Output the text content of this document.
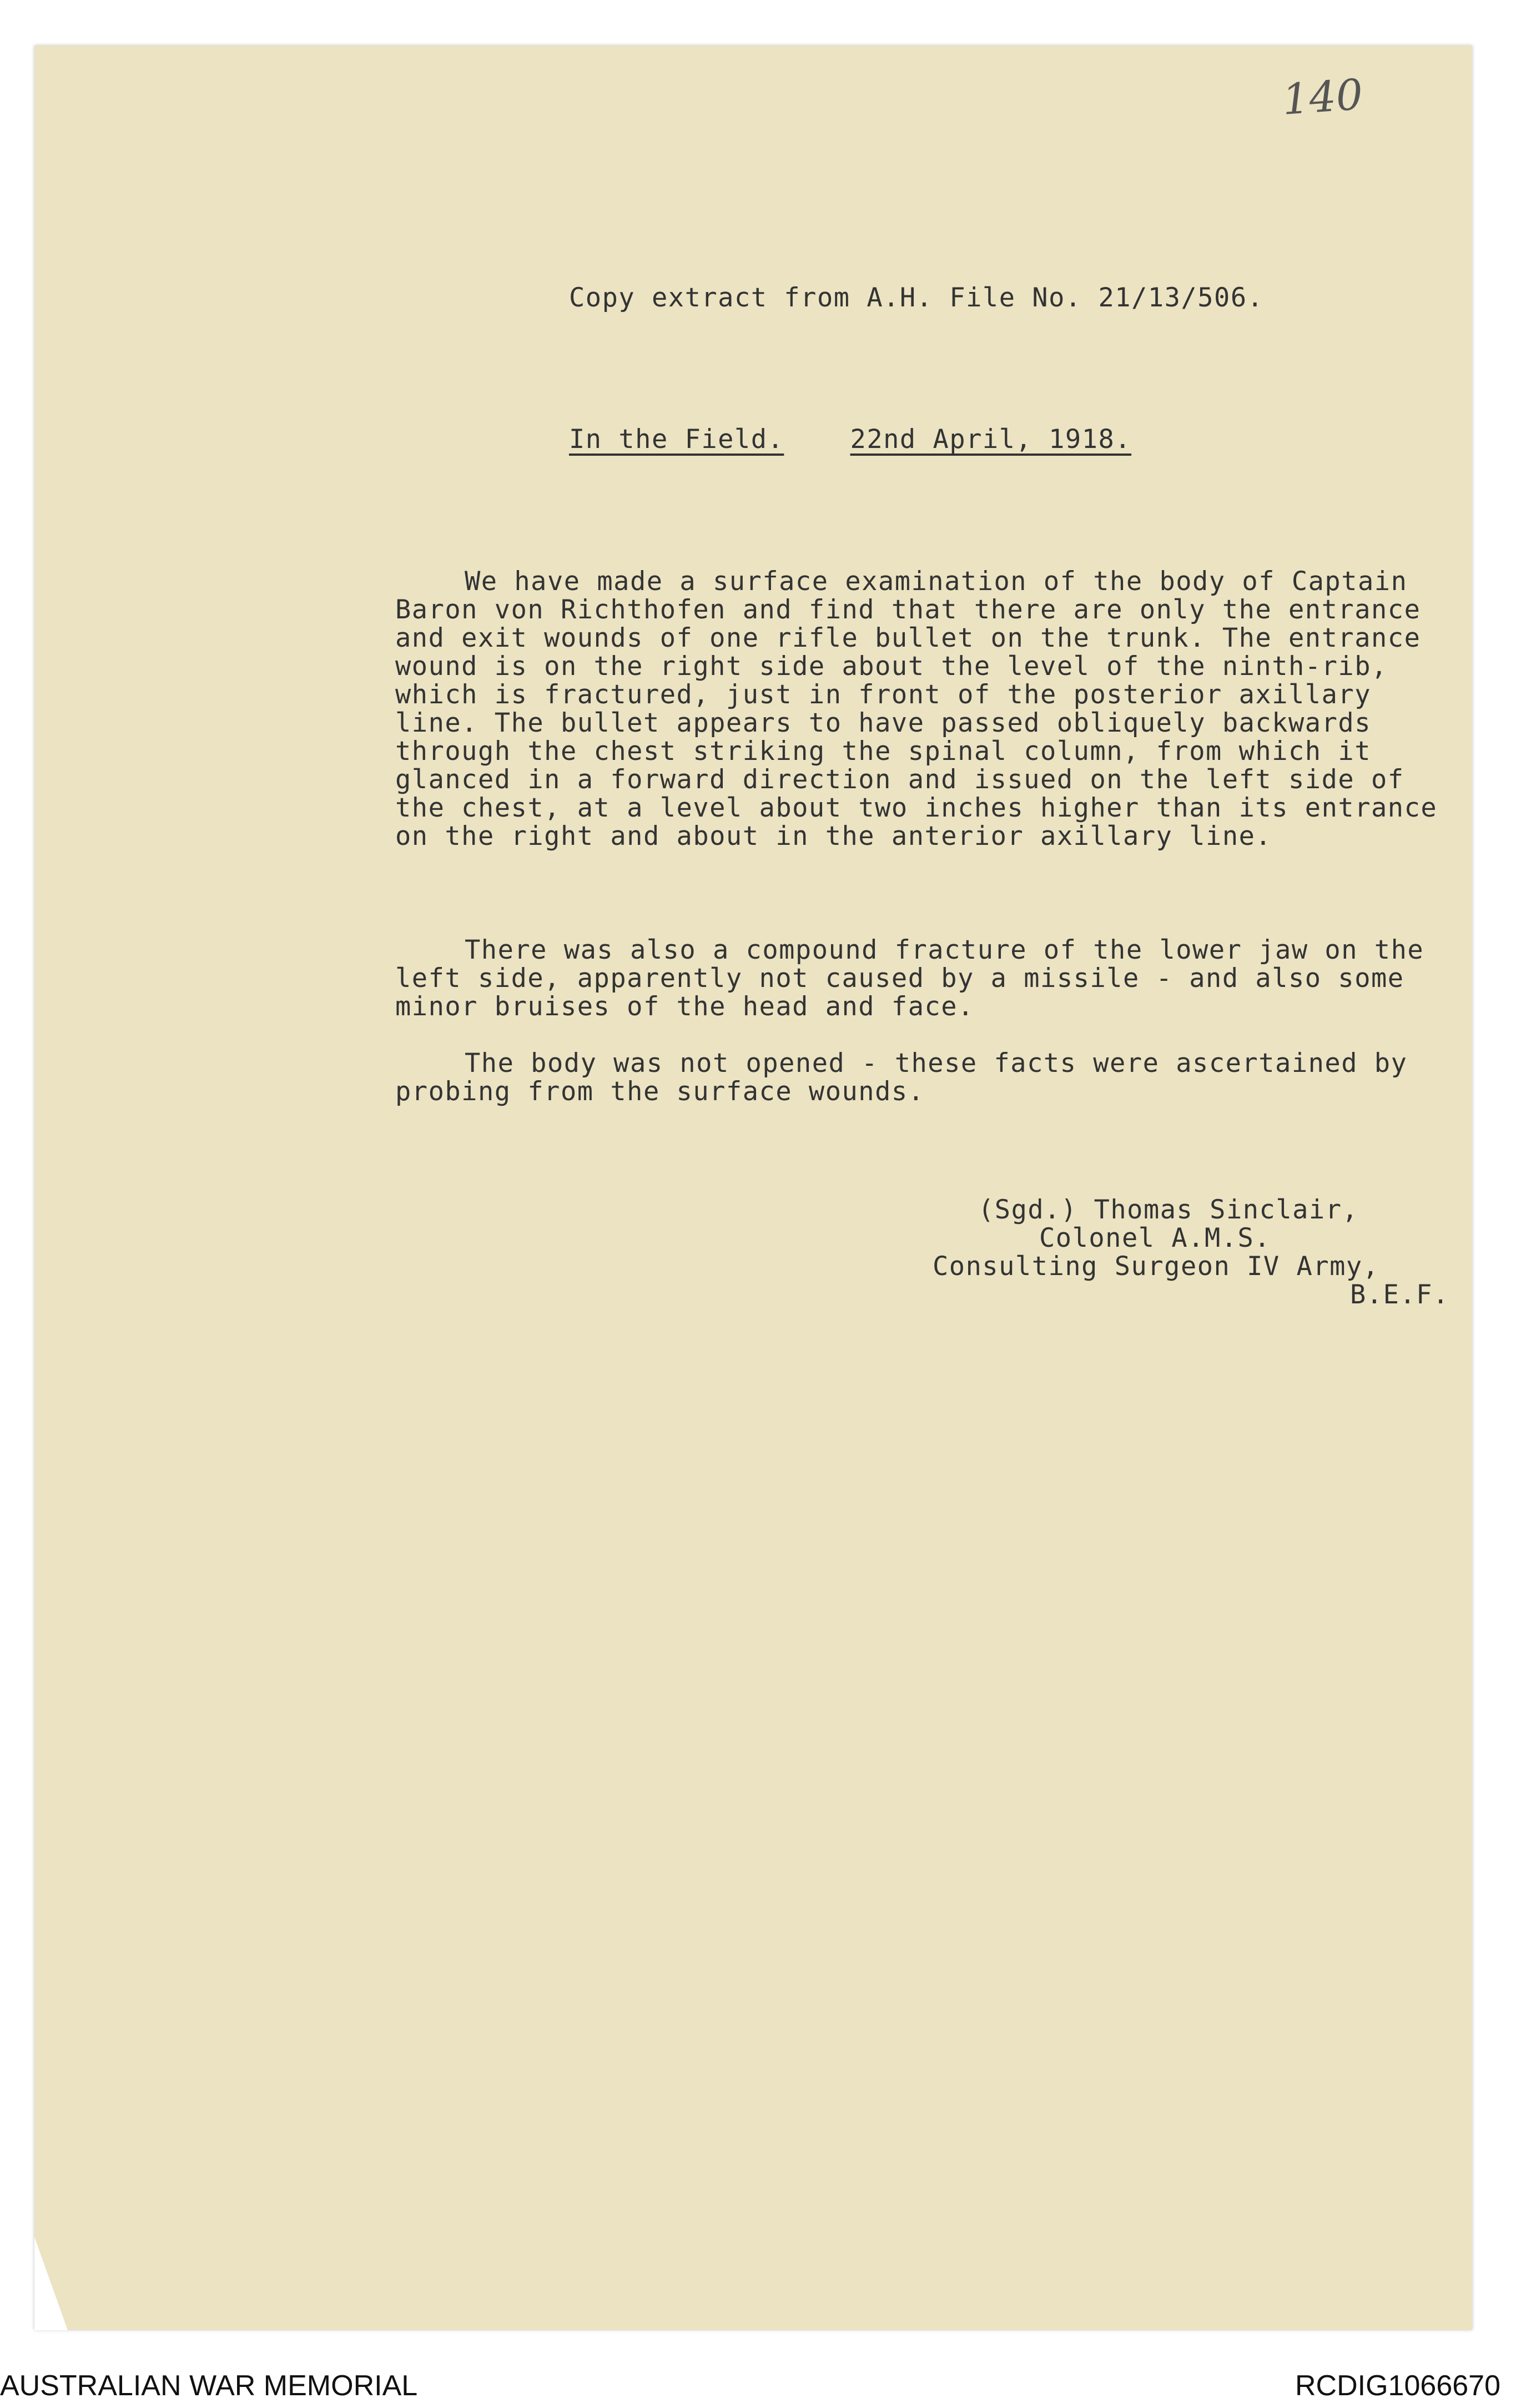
140
Copy extract from A.H. File No. 21/13/506.
In the Field.	22nd April, 1918.

We have made a surface examination of the body of Captain Baron von Richthofen and find that there are only the entrance and exit wounds of one rifle bullet on the trunk. The entrance wound is on the right side about the level of the ninth-rib, which is fractured, just in front of the posterior axillary line. The bullet appears to have passed obliquely backwards through the chest striking the spinal column, from which it glanced in a forward direction and issued on the left side of the chest, at a level about two inches higher than its entrance on the right and about in the anterior axillary line.

There was also a compound fracture of the lower jaw on the left side, apparently not caused by a missile - and also some minor bruises of the head and face.

The body was not opened - these facts were ascertained by probing from the surface wounds.

(Sgd.) Thomas Sinclair,
Colonel A.M.S.
Consulting Surgeon IV Army,
B.E.F.
AUSTRALIAN WAR MEMORIAL	RCDIG1066670
